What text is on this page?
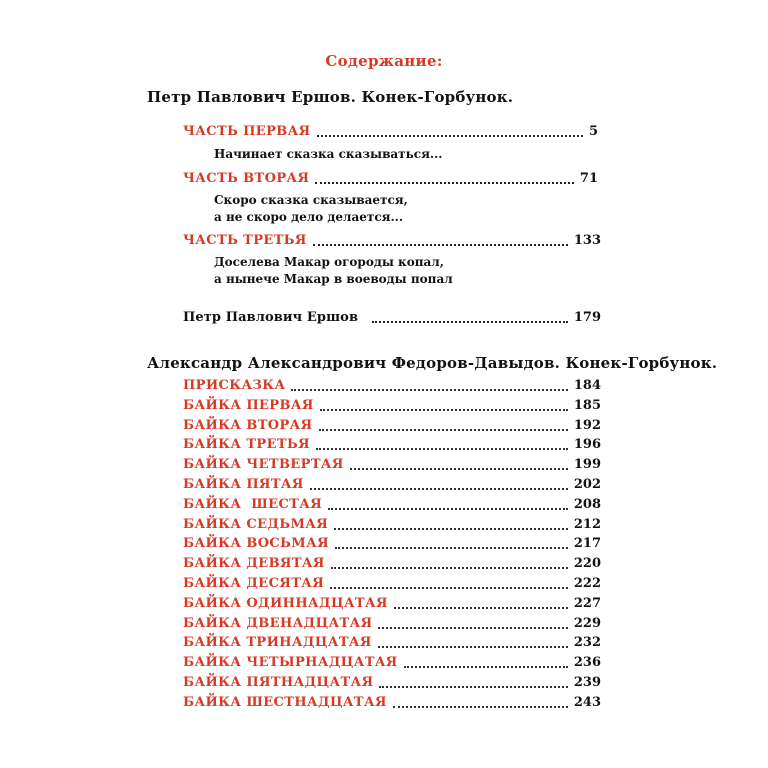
Содержание:
Петр Павлович Ершов. Конек-Горбунок.
ЧАСТЬ ПЕРВАЯ	5
Начинает сказка сказываться...
ЧАСТЬ ВТОРАЯ	71
Скоро сказка сказывается,
а не скоро дело делается...
ЧАСТЬ ТРЕТЬЯ	133
Доселева Макар огороды копал,
а нынече Макар в воеводы попал
Петр Павлович Ершов	179
Александр Александрович Федоров-Давыдов. Конек-Горбунок.
ПРИСКАЗКА	184
БАЙКА ПЕРВАЯ	185
БАЙКА ВТОРАЯ	192
БАЙКА ТРЕТЬЯ	196
БАЙКА ЧЕТВЕРТАЯ	199
БАЙКА ПЯТАЯ	202
БАЙКА  ШЕСТАЯ	208
БАЙКА СЕДЬМАЯ	212
БАЙКА ВОСЬМАЯ	217
БАЙКА ДЕВЯТАЯ	220
БАЙКА ДЕСЯТАЯ	222
БАЙКА ОДИННАДЦАТАЯ	227
БАЙКА ДВЕНАДЦАТАЯ	229
БАЙКА ТРИНАДЦАТАЯ	232
БАЙКА ЧЕТЫРНАДЦАТАЯ	236
БАЙКА ПЯТНАДЦАТАЯ	239
БАЙКА ШЕСТНАДЦАТАЯ	243
